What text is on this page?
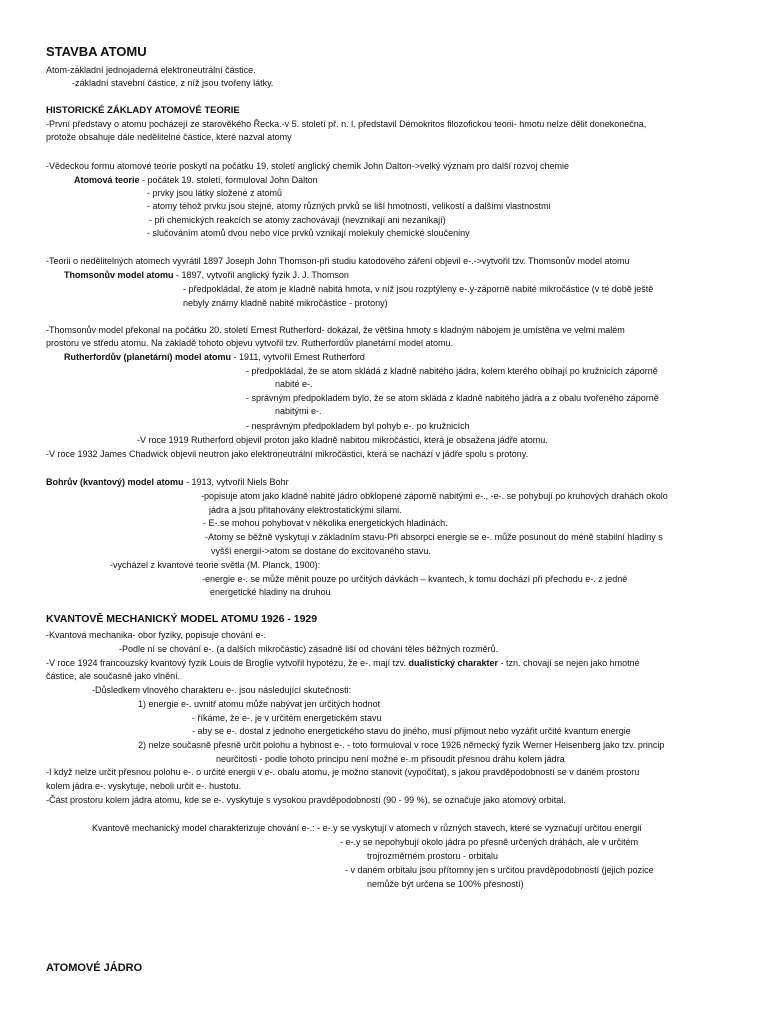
STAVBA ATOMU
Atom-základní jednojaderná elektroneutrální částice.
-základní stavební částice, z níž jsou tvořeny látky.
HISTORICKÉ ZÁKLADY ATOMOVÉ TEORIE
-První představy o atomu pocházejí ze starověkého Řecka.-v 5. století př. n. l. představil Démokritos filozofickou teorii- hmotu nelze dělit donekonečna,
protože obsahuje dále nedělitelné částice, které nazval atomy
-Vědeckou formu atomové teorie poskytl na počátku 19. století anglický chemik John Dalton->velký význam pro další rozvoj chemie
Atomová teorie - počátek 19. století, formuloval John Dalton
- prvky jsou látky složené z atomů
- atomy téhož prvku jsou stejné, atomy různých prvků se liší hmotností, velikostí a dalšími vlastnostmi
- při chemických reakcích se atomy zachovávají (nevznikají ani nezanikají)
- slučováním atomů dvou nebo více prvků vznikají molekuly chemické sloučeniny
-Teorii o nedělitelných atomech vyvrátil 1897 Joseph John Thomson-při studiu katodového záření objevil e-.->vytvořil tzv. Thomsonův model atomu
Thomsonův model atomu - 1897, vytvořil anglický fyzik J. J. Thomson
- předpokládal, že atom je kladně nabitá hmota, v níž jsou rozptýleny e-.y-záporně nabité mikročástice (v té době ještě
nebyly známy kladně nabité mikročástice - protony)
-Thomsonův model překonal na počátku 20. století Ernest Rutherford- dokázal, že většina hmoty s kladným nábojem je umístěna ve velmi malém
prostoru ve středu atomu. Na základě tohoto objevu vytvořil tzv. Rutherfordův planetární model atomu.
Rutherfordův (planetární) model atomu - 1911, vytvořil Ernest Rutherford
- předpokládal, že se atom skládá z kladně nabitého jádra, kolem kterého obíhají po kružnicích záporně
nabité e-.
- správným předpokladem bylo, že se atom skládá z kladně nabitého jádra a z obalu tvořeného záporně
nabitými e-.
- nesprávným předpokladem byl pohyb e-. po kružnicích
-V roce 1919 Rutherford objevil proton jako kladně nabitou mikročástici, která je obsažena jádře atomu.
-V roce 1932 James Chadwick objevil neutron jako elektroneutrální mikročástici, která se nachází v jádře spolu s protony.
Bohrův (kvantový) model atomu - 1913, vytvořil Niels Bohr
-popisuje atom jako kladně nabité jádro obklopené záporně nabitými e-., -e-. se pohybují po kruhových drahách okolo
jádra a jsou přitahovány elektrostatickými silami.
- E-.se mohou pohybovat v několika energetických hladinách.
-Atomy se běžně vyskytují v základním stavu-Při absorpci energie se e-. může posunout do méně stabilní hladiny s
vyšší energií->atom se dostane do excitovaného stavu.
-vycházel z kvantové teorie světla (M. Planck, 1900):
-energie e-. se může měnit pouze po určitých dávkách – kvantech, k tomu dochází při přechodu e-. z jedné
energetické hladiny na druhou
KVANTOVĚ MECHANICKÝ MODEL ATOMU 1926 - 1929
-Kvantová mechanika- obor fyziky, popisuje chování e-.
-Podle ní se chování e-. (a dalších mikročástic) zásadně liší od chování těles běžných rozměrů.
-V roce 1924 francouzský kvantový fyzik Louis de Broglie vytvořil hypotézu, že e-. mají tzv. dualistický charakter - tzn. chovají se nejen jako hmotné
částice, ale současně jako vlnění.
-Důsledkem vlnového charakteru e-. jsou následující skutečnosti:
1) energie e-. uvnitř atomu může nabývat jen určitých hodnot
- říkáme, že e-. je v určitém energetickém stavu
- aby se e-. dostal z jednoho energetického stavu do jiného, musí přijmout nebo vyzářit určité kvantum energie
2) nelze současně přesně určit polohu a hybnost e-. - toto formuloval v roce 1926 německý fyzik Werner Heisenberg jako tzv. princip
neurčitosti - podle tohoto principu není možné e-.m přisoudit přesnou dráhu kolem jádra
-I když nelze určit přesnou polohu e-. o určité energii v e-. obalu atomu, je možno stanovit (vypočítat), s jakou pravděpodobností se v daném prostoru
kolem jádra e-. vyskytuje, neboli určit e-. hustotu.
-Část prostoru kolem jádra atomu, kde se e-. vyskytuje s vysokou pravděpodobností (90 - 99 %), se označuje jako atomový orbital.
Kvantově mechanický model charakterizuje chování e-.: - e-.y se vyskytují v atomech v různých stavech, které se vyznačují určitou energií
- e-.y se nepohybují okolo jádra po přesně určených dráhách, ale v určitém
trojrozměrném prostoru - orbitalu
- v daném orbitalu jsou přítomny jen s určitou pravděpodobností (jejich pozice
nemůže být určena se 100% přesností)
ATOMOVÉ JÁDRO
